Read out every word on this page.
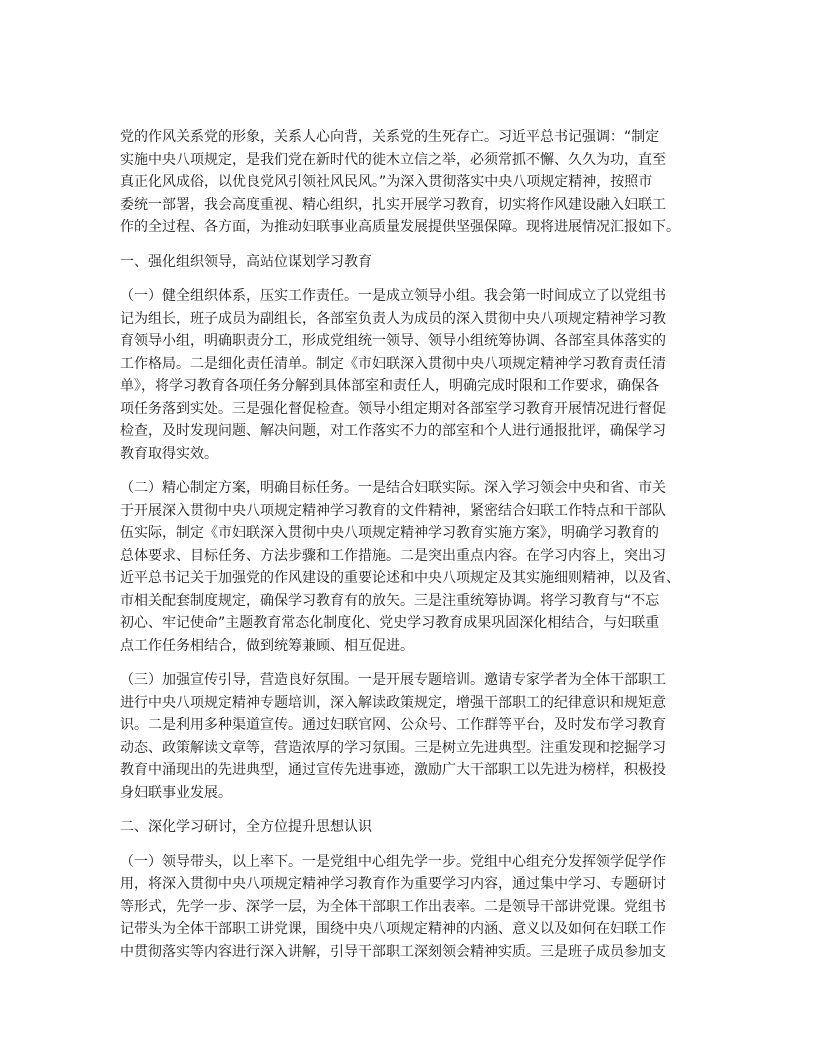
党的作风关系党的形象，关系人心向背，关系党的生死存亡。习近平总书记强调：“制定
实施中央八项规定，是我们党在新时代的徙木立信之举，必须常抓不懈、久久为功，直至
真正化风成俗，以优良党风引领社风民风。”为深入贯彻落实中央八项规定精神，按照市
委统一部署，我会高度重视、精心组织，扎实开展学习教育，切实将作风建设融入妇联工
作的全过程、各方面，为推动妇联事业高质量发展提供坚强保障。现将进展情况汇报如下。

一、强化组织领导，高站位谋划学习教育

（一）健全组织体系，压实工作责任。一是成立领导小组。我会第一时间成立了以党组书
记为组长，班子成员为副组长，各部室负责人为成员的深入贯彻中央八项规定精神学习教
育领导小组，明确职责分工，形成党组统一领导、领导小组统筹协调、各部室具体落实的
工作格局。二是细化责任清单。制定《市妇联深入贯彻中央八项规定精神学习教育责任清
单》，将学习教育各项任务分解到具体部室和责任人，明确完成时限和工作要求，确保各
项任务落到实处。三是强化督促检查。领导小组定期对各部室学习教育开展情况进行督促
检查，及时发现问题、解决问题，对工作落实不力的部室和个人进行通报批评，确保学习
教育取得实效。

（二）精心制定方案，明确目标任务。一是结合妇联实际。深入学习领会中央和省、市关
于开展深入贯彻中央八项规定精神学习教育的文件精神，紧密结合妇联工作特点和干部队
伍实际，制定《市妇联深入贯彻中央八项规定精神学习教育实施方案》，明确学习教育的
总体要求、目标任务、方法步骤和工作措施。二是突出重点内容。在学习内容上，突出习
近平总书记关于加强党的作风建设的重要论述和中央八项规定及其实施细则精神，以及省、
市相关配套制度规定，确保学习教育有的放矢。三是注重统筹协调。将学习教育与“不忘
初心、牢记使命”主题教育常态化制度化、党史学习教育成果巩固深化相结合，与妇联重
点工作任务相结合，做到统筹兼顾、相互促进。

（三）加强宣传引导，营造良好氛围。一是开展专题培训。邀请专家学者为全体干部职工
进行中央八项规定精神专题培训，深入解读政策规定，增强干部职工的纪律意识和规矩意
识。二是利用多种渠道宣传。通过妇联官网、公众号、工作群等平台，及时发布学习教育
动态、政策解读文章等，营造浓厚的学习氛围。三是树立先进典型。注重发现和挖掘学习
教育中涌现出的先进典型，通过宣传先进事迹，激励广大干部职工以先进为榜样，积极投
身妇联事业发展。

二、深化学习研讨，全方位提升思想认识

（一）领导带头，以上率下。一是党组中心组先学一步。党组中心组充分发挥领学促学作
用，将深入贯彻中央八项规定精神学习教育作为重要学习内容，通过集中学习、专题研讨
等形式，先学一步、深学一层，为全体干部职工作出表率。二是领导干部讲党课。党组书
记带头为全体干部职工讲党课，围绕中央八项规定精神的内涵、意义以及如何在妇联工作
中贯彻落实等内容进行深入讲解，引导干部职工深刻领会精神实质。三是班子成员参加支
